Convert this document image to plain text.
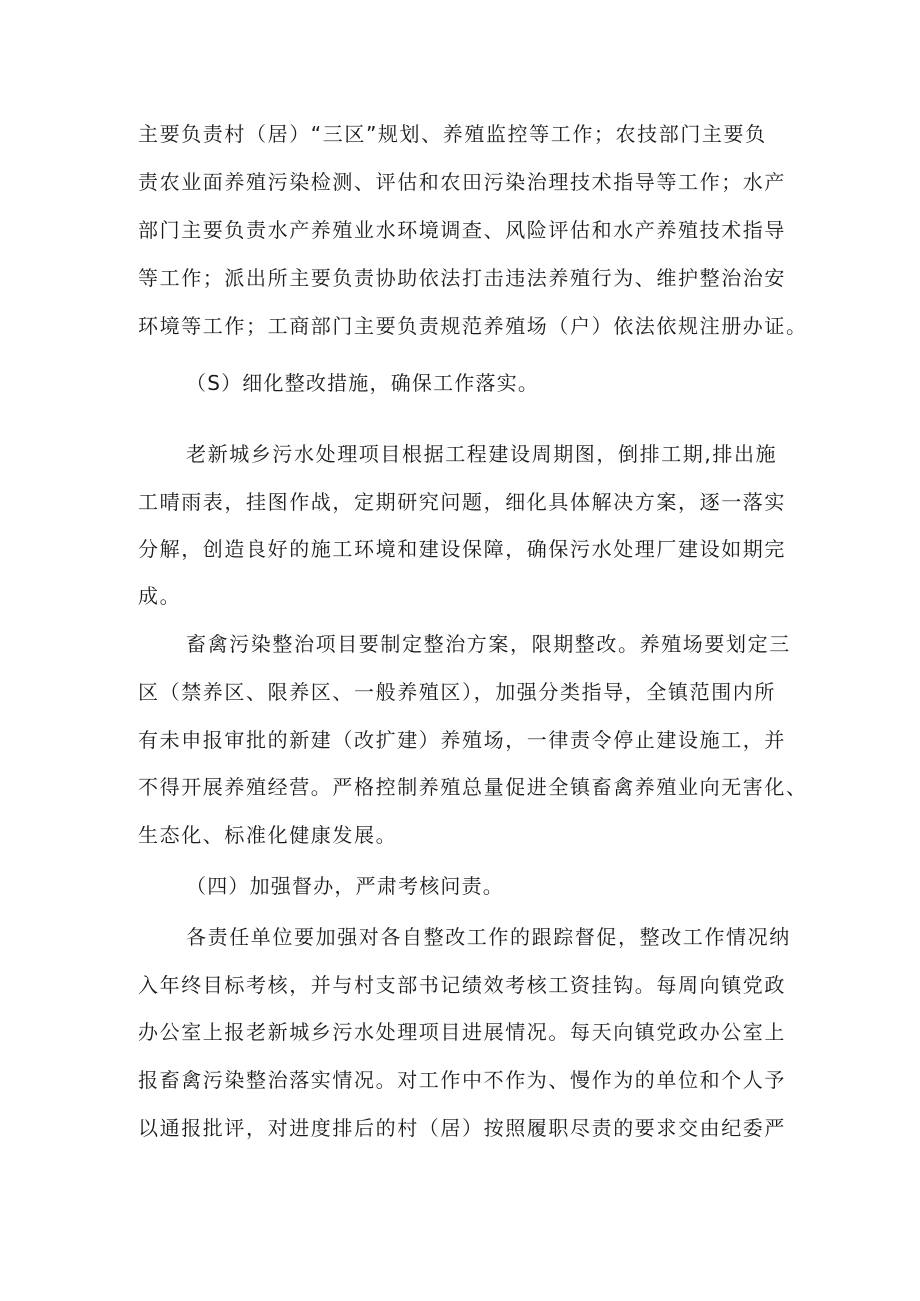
主要负责村（居）“三区”规划、养殖监控等工作；农技部门主要负
责农业面养殖污染检测、评估和农田污染治理技术指导等工作；水产
部门主要负责水产养殖业水环境调查、风险评估和水产养殖技术指导
等工作；派出所主要负责协助依法打击违法养殖行为、维护整治治安
环境等工作；工商部门主要负责规范养殖场（户）依法依规注册办证。
（S）细化整改措施，确保工作落实。
老新城乡污水处理项目根据工程建设周期图，倒排工期,排出施
工晴雨表，挂图作战，定期研究问题，细化具体解决方案，逐一落实
分解，创造良好的施工环境和建设保障，确保污水处理厂建设如期完
成。
畜禽污染整治项目要制定整治方案，限期整改。养殖场要划定三
区（禁养区、限养区、一般养殖区），加强分类指导，全镇范围内所
有未申报审批的新建（改扩建）养殖场，一律责令停止建设施工，并
不得开展养殖经营。严格控制养殖总量促进全镇畜禽养殖业向无害化、
生态化、标准化健康发展。
（四）加强督办，严肃考核问责。
各责任单位要加强对各自整改工作的跟踪督促，整改工作情况纳
入年终目标考核，并与村支部书记绩效考核工资挂钩。每周向镇党政
办公室上报老新城乡污水处理项目进展情况。每天向镇党政办公室上
报畜禽污染整治落实情况。对工作中不作为、慢作为的单位和个人予
以通报批评，对进度排后的村（居）按照履职尽责的要求交由纪委严
